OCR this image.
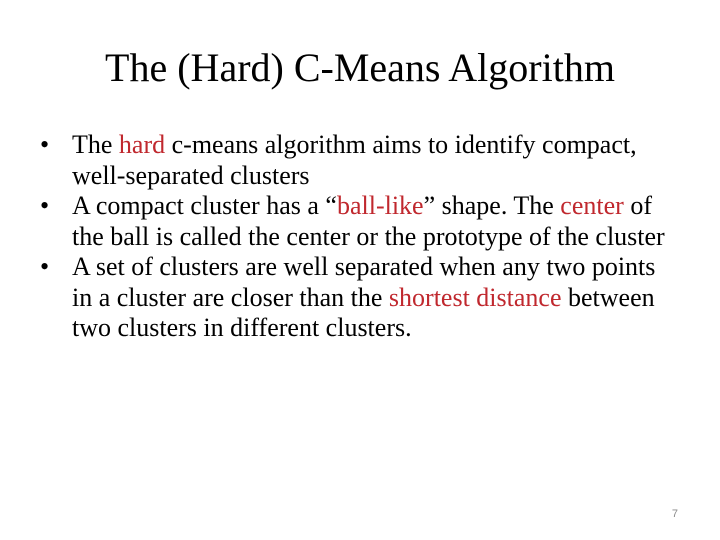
The (Hard) C-Means Algorithm
• The hard c-means algorithm aims to identify compact, well-separated clusters
• A compact cluster has a “ball-like” shape. The center of the ball is called the center or the prototype of the cluster
• A set of clusters are well separated when any two points in a cluster are closer than the shortest distance between two clusters in different clusters.
7
